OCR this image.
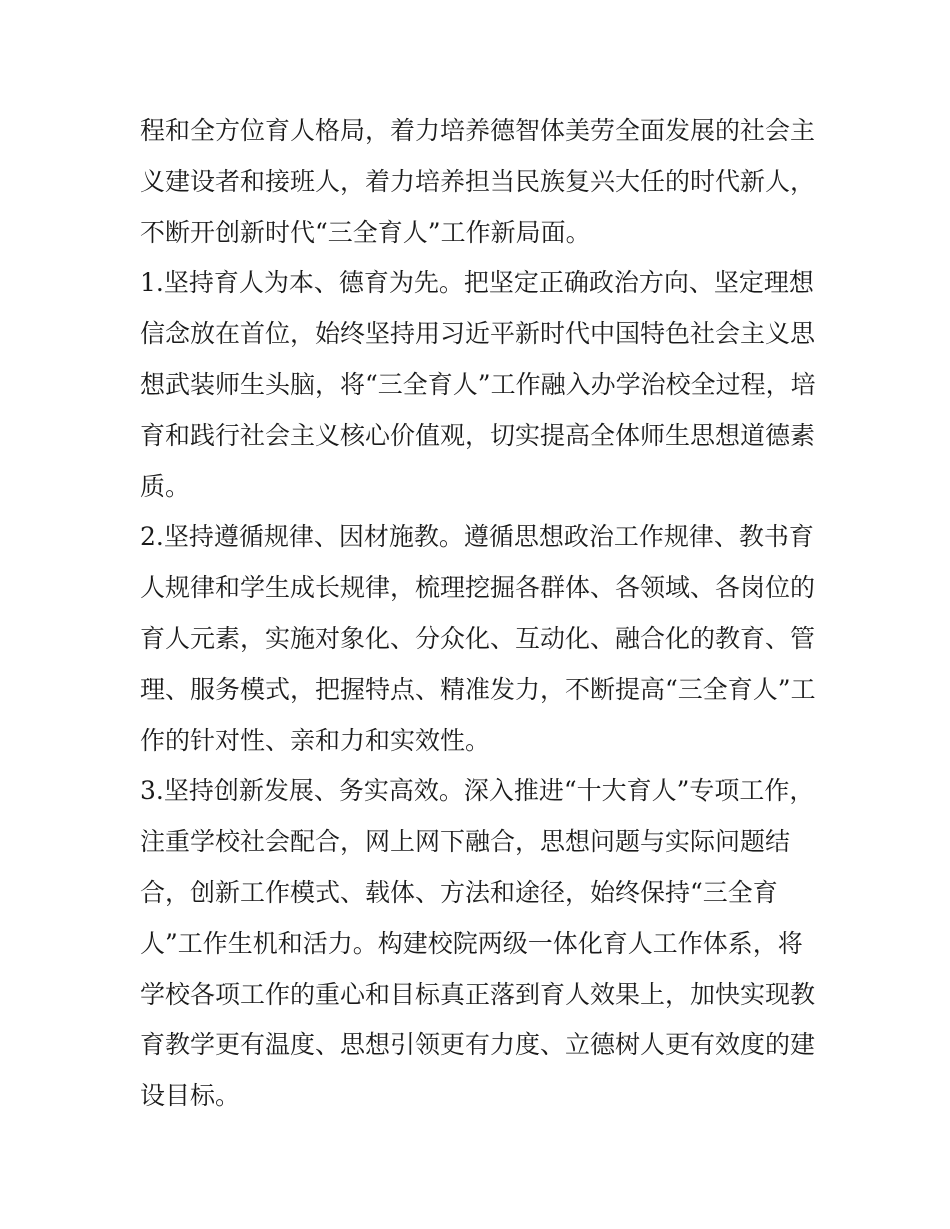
程和全方位育人格局，着力培养德智体美劳全面发展的社会主义建设者和接班人，着力培养担当民族复兴大任的时代新人，不断开创新时代“三全育人”工作新局面。

1.坚持育人为本、德育为先。把坚定正确政治方向、坚定理想信念放在首位，始终坚持用习近平新时代中国特色社会主义思想武装师生头脑，将“三全育人”工作融入办学治校全过程，培育和践行社会主义核心价值观，切实提高全体师生思想道德素质。

2.坚持遵循规律、因材施教。遵循思想政治工作规律、教书育人规律和学生成长规律，梳理挖掘各群体、各领域、各岗位的育人元素，实施对象化、分众化、互动化、融合化的教育、管理、服务模式，把握特点、精准发力，不断提高“三全育人”工作的针对性、亲和力和实效性。

3.坚持创新发展、务实高效。深入推进“十大育人”专项工作，注重学校社会配合，网上网下融合，思想问题与实际问题结合，创新工作模式、载体、方法和途径，始终保持“三全育人”工作生机和活力。构建校院两级一体化育人工作体系，将学校各项工作的重心和目标真正落到育人效果上，加快实现教育教学更有温度、思想引领更有力度、立德树人更有效度的建设目标。
